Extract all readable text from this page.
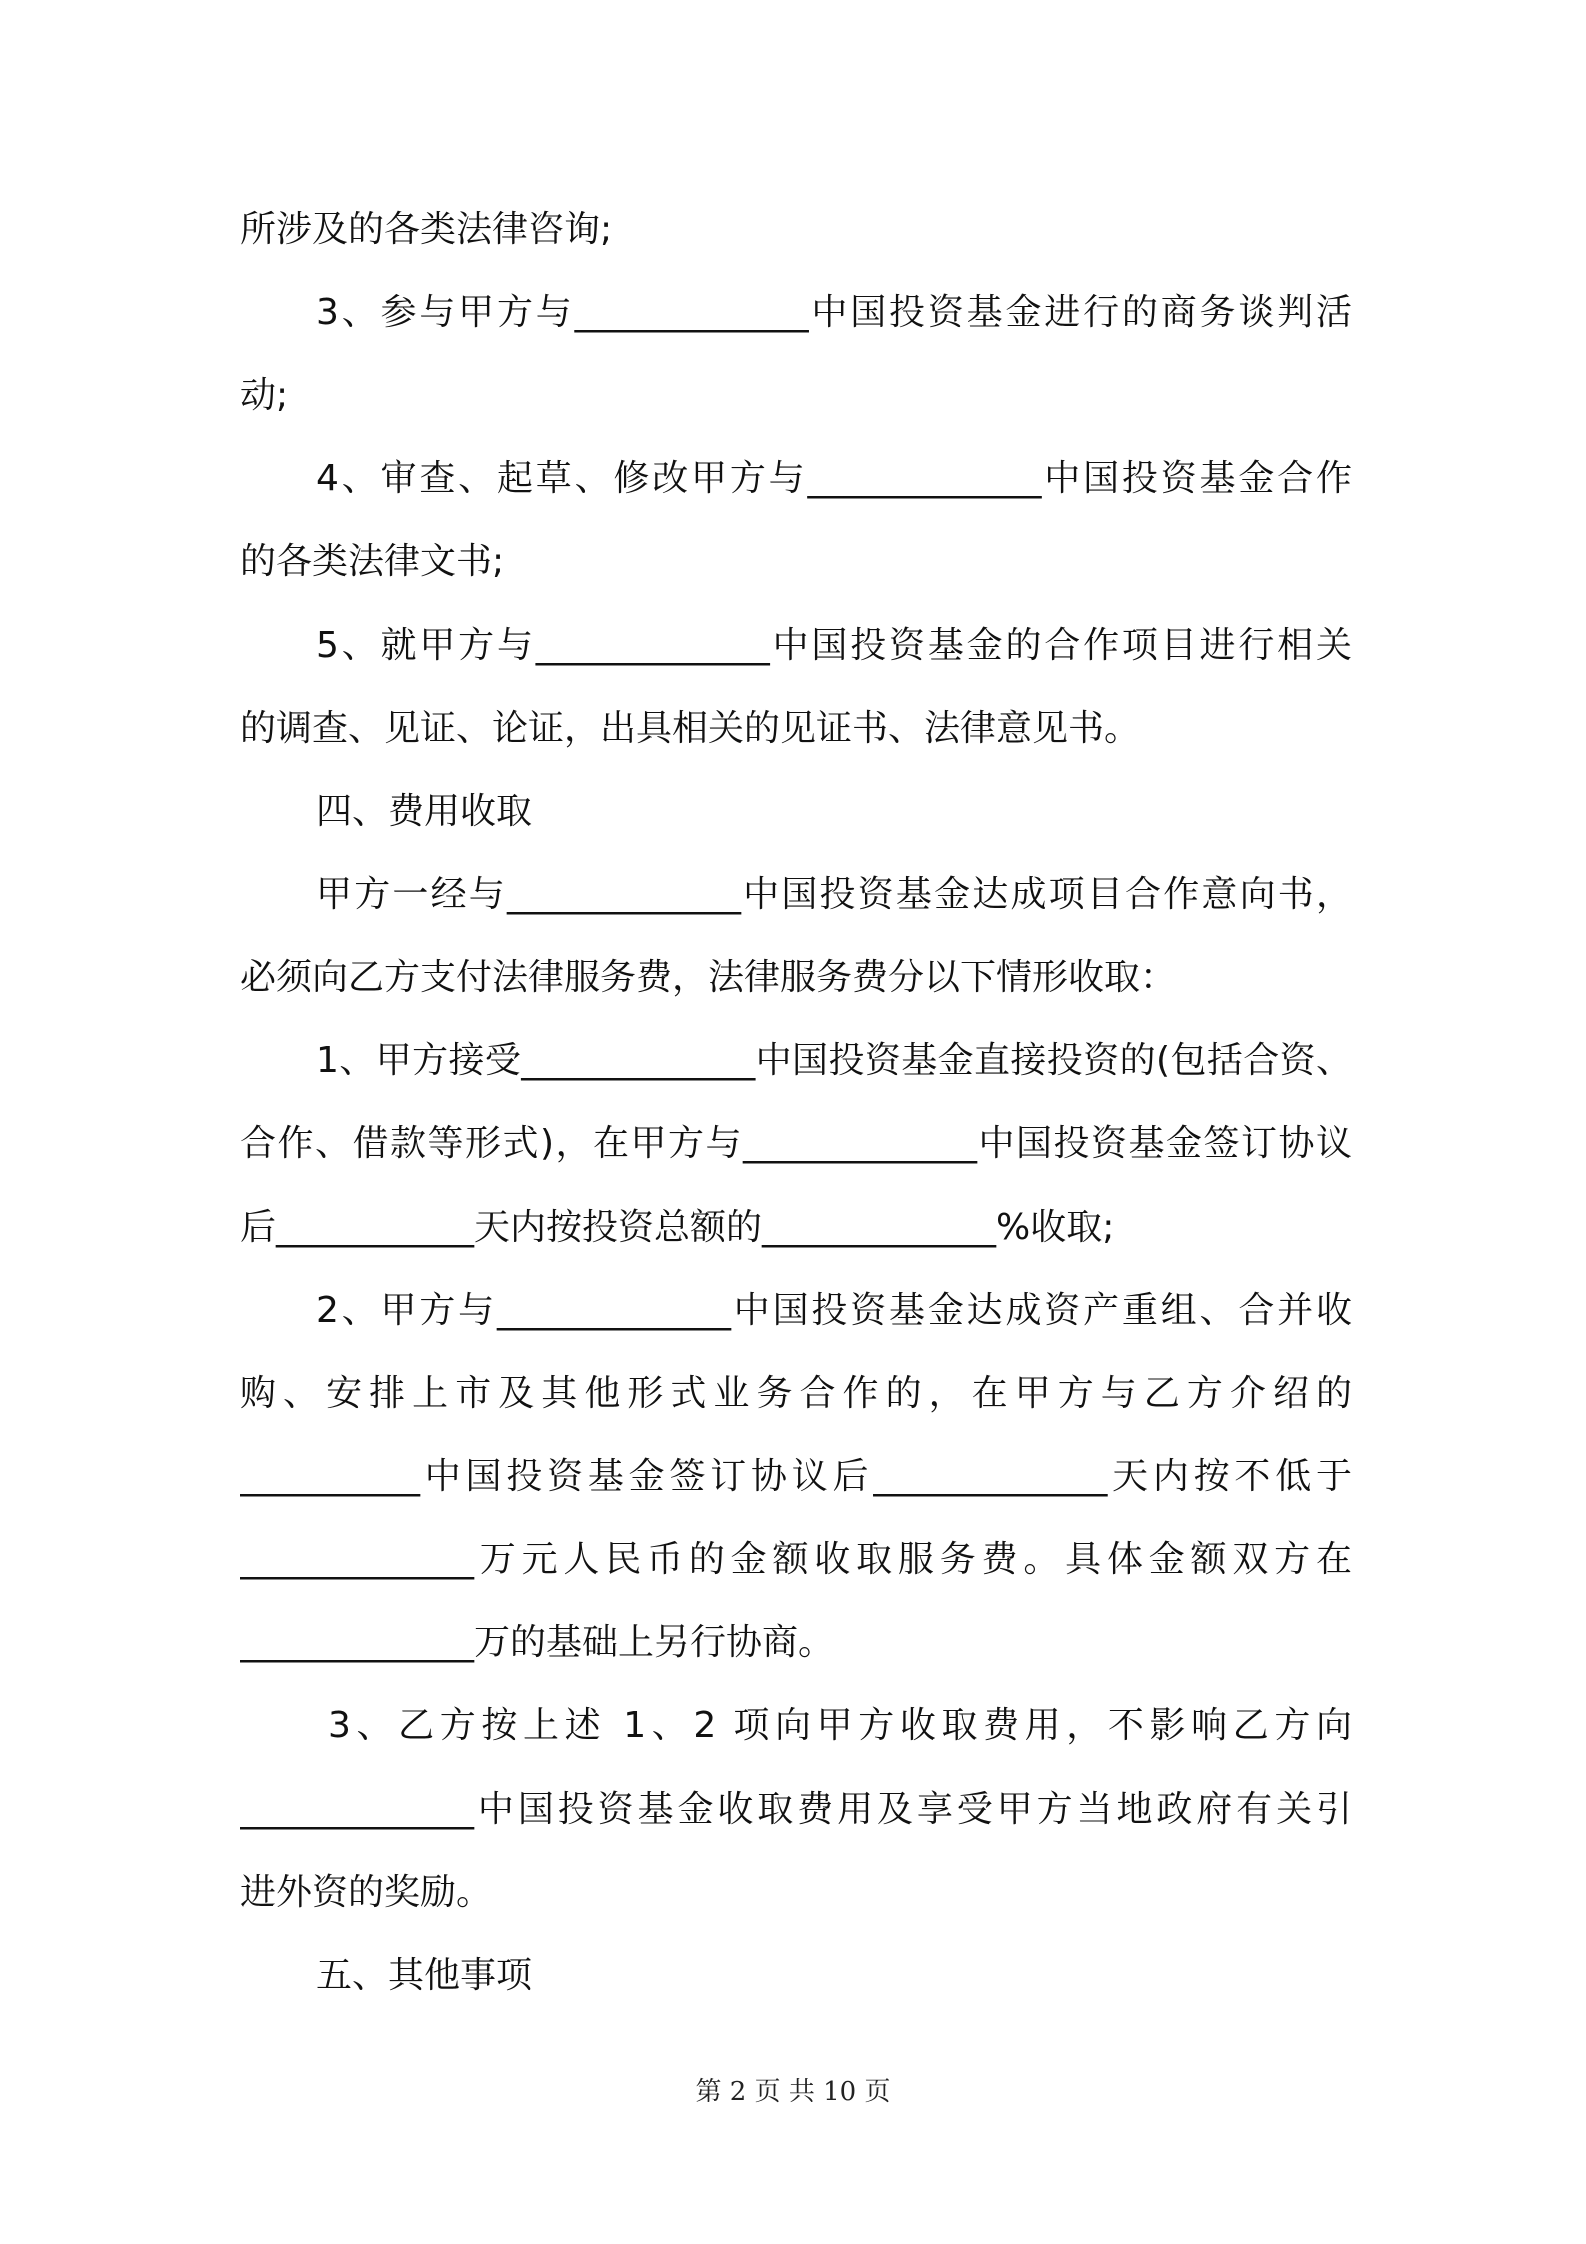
所涉及的各类法律咨询;
3、参与甲方与_____________中国投资基金进行的商务谈判活
动;
4、审查、起草、修改甲方与_____________中国投资基金合作
的各类法律文书;
5、就甲方与_____________中国投资基金的合作项目进行相关
的调查、见证、论证，出具相关的见证书、法律意见书。
四、费用收取
甲方一经与_____________中国投资基金达成项目合作意向书，
必须向乙方支付法律服务费，法律服务费分以下情形收取：
1、甲方接受_____________中国投资基金直接投资的(包括合资、
合作、借款等形式)，在甲方与_____________中国投资基金签订协议
后___________天内按投资总额的_____________%收取;
2、甲方与_____________中国投资基金达成资产重组、合并收
购、安排上市及其他形式业务合作的，在甲方与乙方介绍的
__________中国投资基金签订协议后_____________天内按不低于
_____________万元人民币的金额收取服务费。具体金额双方在
_____________万的基础上另行协商。
3、乙方按上述 1、2 项向甲方收取费用，不影响乙方向
_____________中国投资基金收取费用及享受甲方当地政府有关引
进外资的奖励。
五、其他事项
第 2 页 共 10 页
